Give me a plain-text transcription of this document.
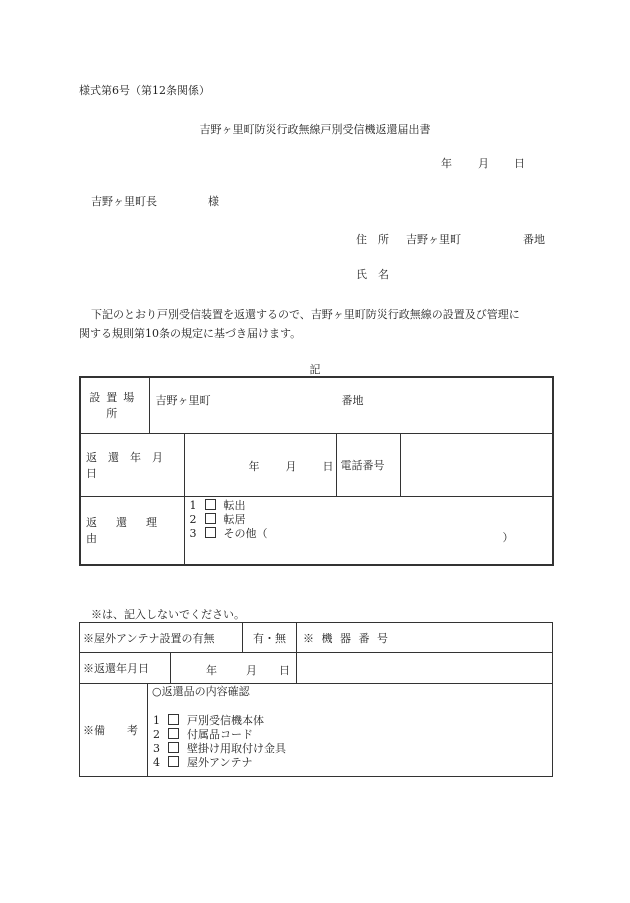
様式第6号（第12条関係）
吉野ヶ里町防災行政無線戸別受信機返還届出書
年 月 日
吉野ヶ里町長	様
住　所 吉野ヶ里町	番地
氏　名
下記のとおり戸別受信装置を返還するので、吉野ヶ里町防災行政無線の設置及び管理に
関する規則第10条の規定に基づき届けます。
記
設置場所	吉野ヶ里町 番地			

返還年月日		年 月 日	電話番号	
返還理由		1 転出
2 転居
3 その他（ ）		
※は、記入しないでください。
※屋外アンテナ設置の有無			有・無	※ 機 器 番 号
※返還年月日		年 月 日		

※備　　考	○返還品の内容確認
1 戸別受信機本体
2 付属品コード
3 壁掛け用取付け金具
4 屋外アンテナ			
